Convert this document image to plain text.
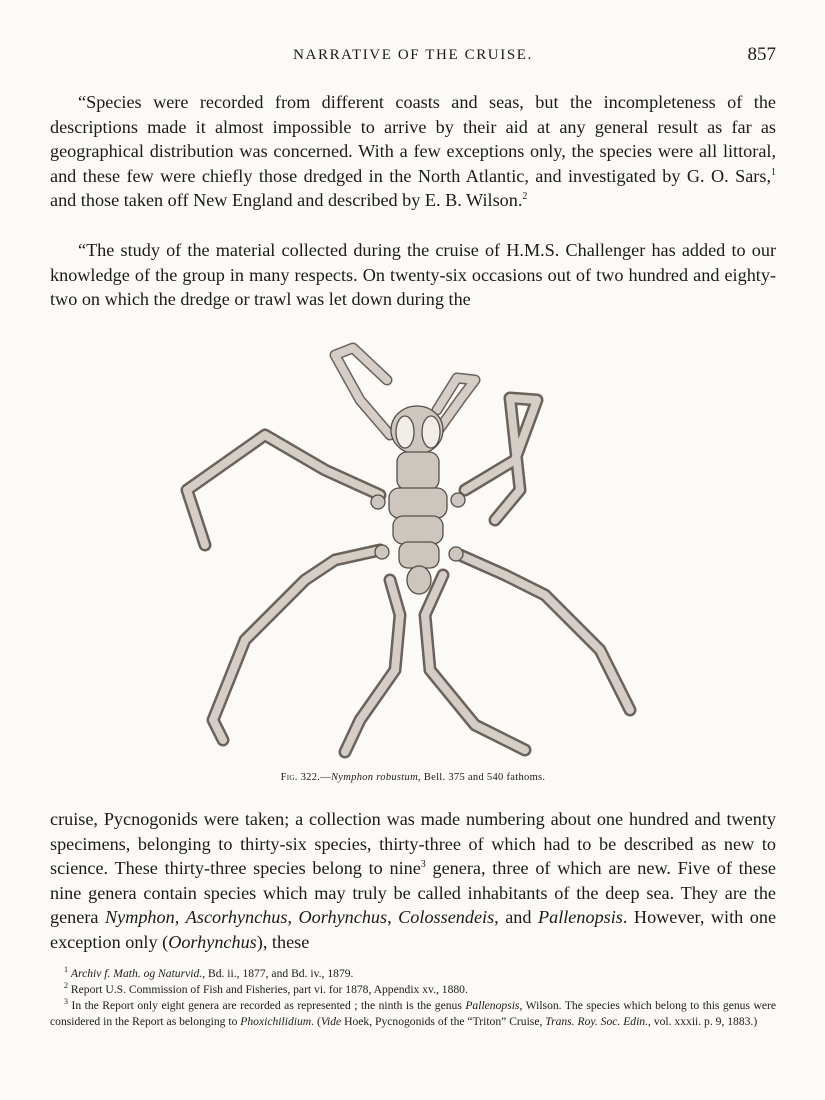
NARRATIVE OF THE CRUISE.	857

“Species were recorded from different coasts and seas, but the incompleteness of the descriptions made it almost impossible to arrive by their aid at any general result as far as geographical distribution was concerned. With a few exceptions only, the species were all littoral, and these few were chiefly those dredged in the North Atlantic, and investigated by G. O. Sars,$^1$ and those taken off New England and described by E. B. Wilson.$^2$

“The study of the material collected during the cruise of H.M.S. Challenger has added to our knowledge of the group in many respects. On twenty-six occasions out of two hundred and eighty-two on which the dredge or trawl was let down during the

Fig. 322.—Nymphon robustum, Bell. 375 and 540 fathoms.

cruise, Pycnogonids were taken; a collection was made numbering about one hundred and twenty specimens, belonging to thirty-six species, thirty-three of which had to be described as new to science. These thirty-three species belong to nine$^3$ genera, three of which are new. Five of these nine genera contain species which may truly be called inhabitants of the deep sea. They are the genera Nymphon, Ascorhynchus, Oorhynchus, Colossendeis, and Pallenopsis. However, with one exception only (Oorhynchus), these

$^1$ Archiv f. Math. og Naturvid., Bd. ii., 1877, and Bd. iv., 1879.

$^2$ Report U.S. Commission of Fish and Fisheries, part vi. for 1878, Appendix xv., 1880.

$^3$ In the Report only eight genera are recorded as represented ; the ninth is the genus Pallenopsis, Wilson. The species which belong to this genus were considered in the Report as belonging to Phoxichilidium. (Vide Hoek, Pycnogonids of the “Triton” Cruise, Trans. Roy. Soc. Edin., vol. xxxii. p. 9, 1883.)
